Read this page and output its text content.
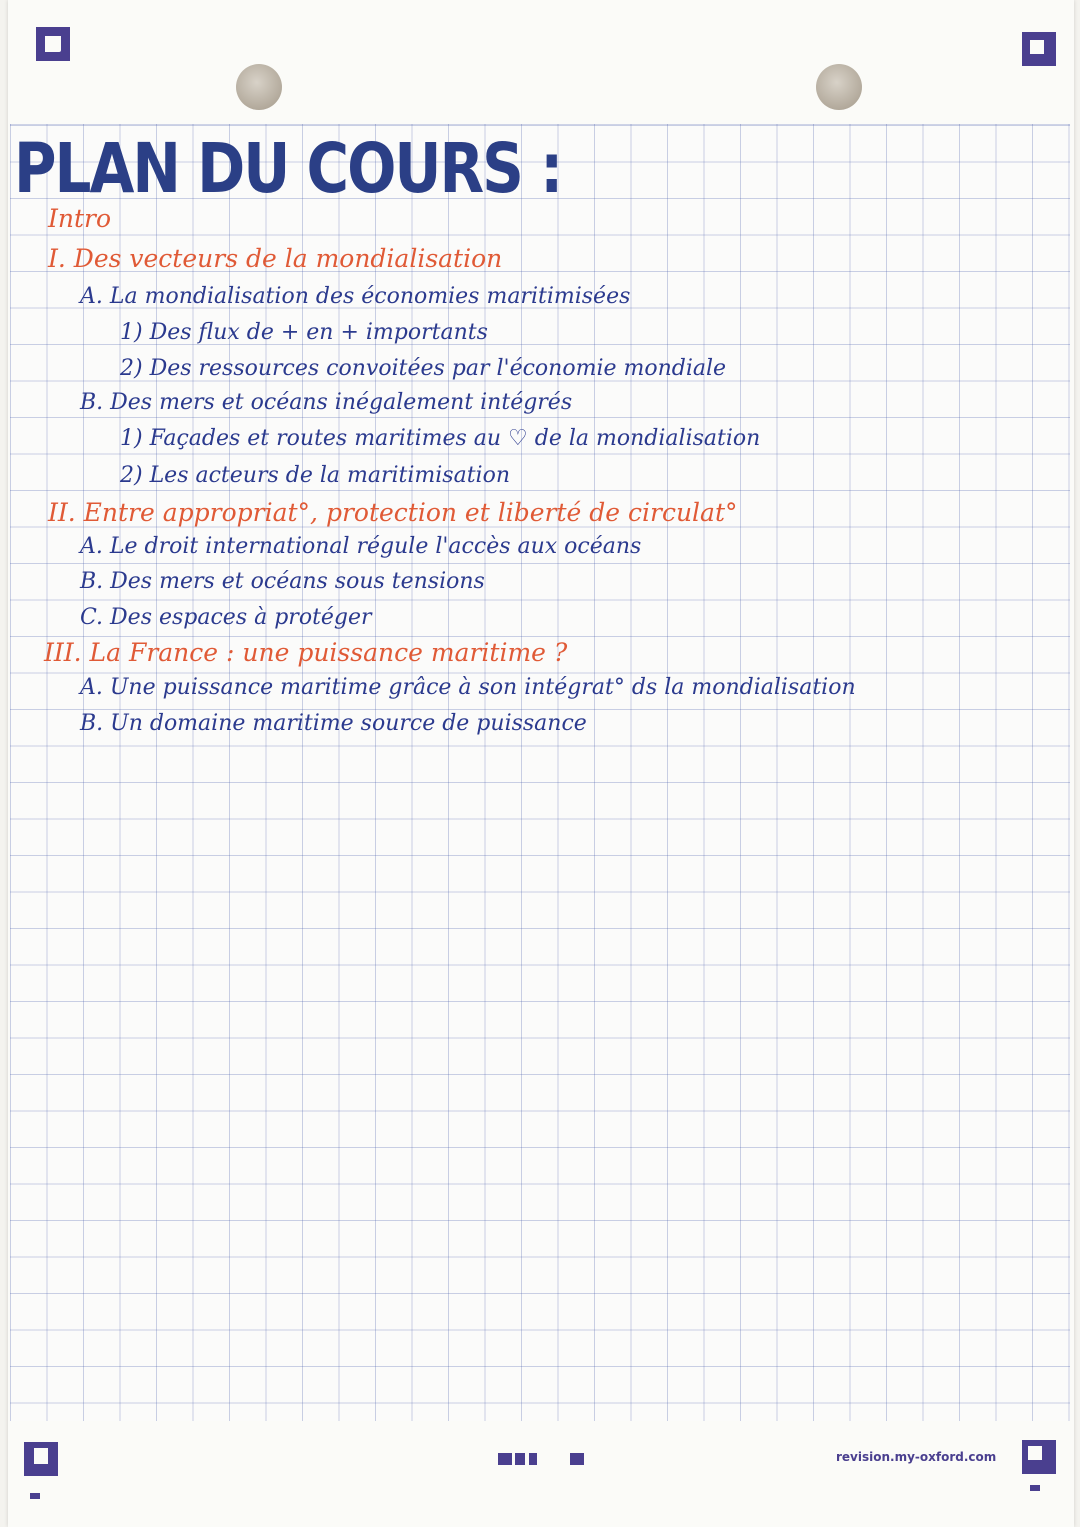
PLAN DU COURS :
Intro
I. Des vecteurs de la mondialisation
A. La mondialisation des économies maritimisées
1) Des flux de + en + importants
2) Des ressources convoitées par l'économie mondiale
B. Des mers et océans inégalement intégrés
1) Façades et routes maritimes au ♡ de la mondialisation
2) Les acteurs de la maritimisation
II. Entre appropriat°, protection et liberté de circulat°
A. Le droit international régule l'accès aux océans
B. Des mers et océans sous tensions
C. Des espaces à protéger
III. La France : une puissance maritime ?
A. Une puissance maritime grâce à son intégrat° ds la mondialisation
B. Un domaine maritime source de puissance
revision.my-oxford.com
